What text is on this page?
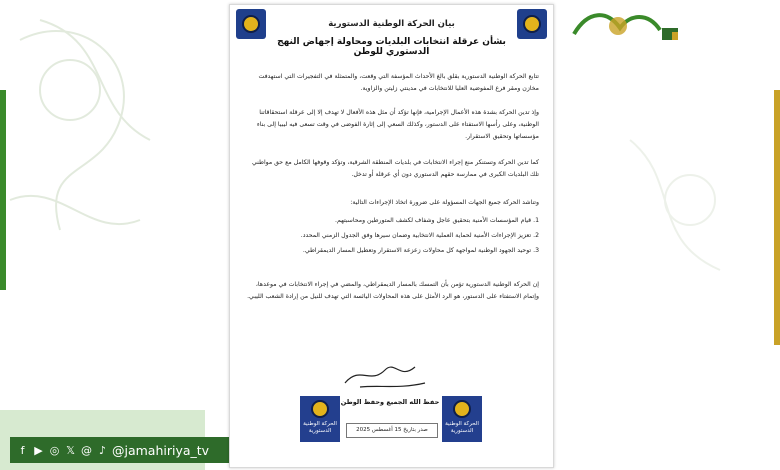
f ▶ ◎ 𝕏 @ ♪ @jamahiriya_tv
بيان الحركة الوطنية الدستورية
بشأن عرقلة انتخابات البلديات ومحاولة إجهاض النهج الدستوري للوطن
تتابع الحركة الوطنية الدستورية بقلق بالغ الأحداث المؤسفة التي وقعت، والمتمثلة في التفجيرات التي استهدفت مخازن ومقر فرع المفوضية العليا للانتخابات في مدينتي زليتن والزاوية.
وإذ تدين الحركة بشدة هذه الأعمال الإجرامية، فإنها تؤكد أن مثل هذه الأفعال لا تهدف إلا إلى عرقلة استحقاقاتنا الوطنية، وعلى رأسها الاستفتاء على الدستور، وكذلك السعي إلى إثارة الفوضى في وقت تسعى فيه ليبيا إلى بناء مؤسساتها وتحقيق الاستقرار.
كما تدين الحركة وتستنكر منع إجراء الانتخابات في بلديات المنطقة الشرقية، وتؤكد وقوفها الكامل مع حق مواطني تلك البلديات الكبرى في ممارسة حقهم الدستوري دون أي عرقلة أو تدخل.
وتناشد الحركة جميع الجهات المسؤولة على ضرورة اتخاذ الإجراءات التالية:
1. قيام المؤسسات الأمنية بتحقيق عاجل وشفاف لكشف المتورطين ومحاسبتهم.
2. تعزيز الإجراءات الأمنية لحماية العملية الانتخابية وضمان سيرها وفق الجدول الزمني المحدد.
3. توحيد الجهود الوطنية لمواجهة كل محاولات زعزعة الاستقرار وتعطيل المسار الديمقراطي.
إن الحركة الوطنية الدستورية تؤمن بأن التمسك بالمسار الديمقراطي، والمضي في إجراء الانتخابات في موعدها، وإتمام الاستفتاء على الدستور، هو الرد الأمثل على هذه المحاولات اليائسة التي تهدف للنيل من إرادة الشعب الليبي.
حفظ الله الجميع وحفظ الوطن
صدر بتاريخ 15 أغسطس 2025
الحركة الوطنية الدستورية
الحركة الوطنية الدستورية
